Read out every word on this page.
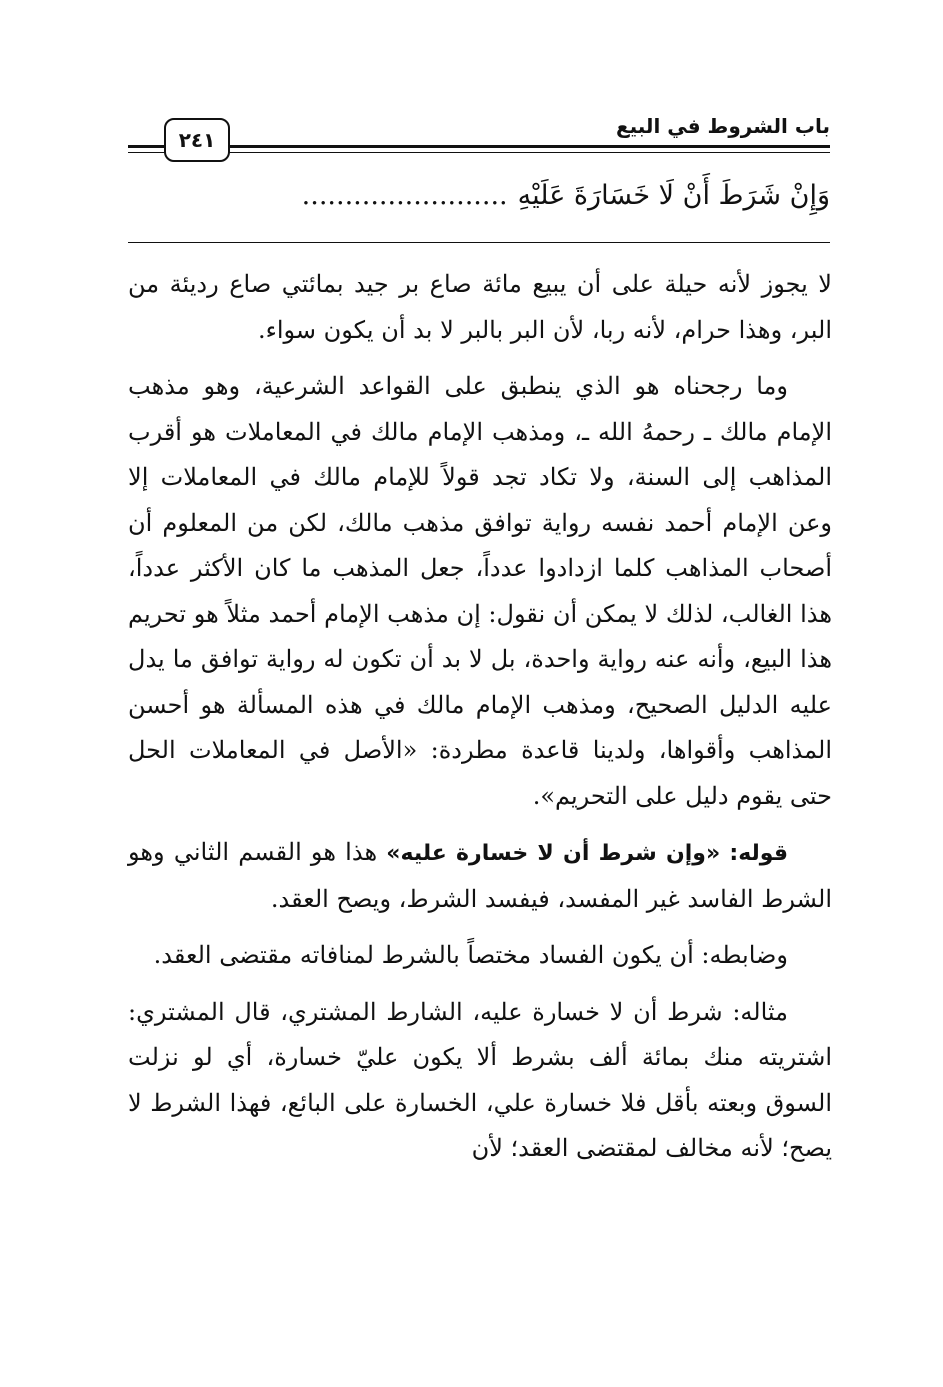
باب الشروط في البيع
٢٤١
وَإِنْ شَرَطَ أَنْ لَا خَسَارَةَ عَلَيْهِ........................

لا يجوز لأنه حيلة على أن يبيع مائة صاع بر جيد بمائتي صاع رديئة من البر، وهذا حرام، لأنه ربا، لأن البر بالبر لا بد أن يكون سواء.

وما رجحناه هو الذي ينطبق على القواعد الشرعية، وهو مذهب الإمام مالك ـ رحمهُ الله ـ، ومذهب الإمام مالك في المعاملات هو أقرب المذاهب إلى السنة، ولا تكاد تجد قولاً للإمام مالك في المعاملات إلا وعن الإمام أحمد نفسه رواية توافق مذهب مالك، لكن من المعلوم أن أصحاب المذاهب كلما ازدادوا عدداً، جعل المذهب ما كان الأكثر عدداً، هذا الغالب، لذلك لا يمكن أن نقول: إن مذهب الإمام أحمد مثلاً هو تحريم هذا البيع، وأنه عنه رواية واحدة، بل لا بد أن تكون له رواية توافق ما يدل عليه الدليل الصحيح، ومذهب الإمام مالك في هذه المسألة هو أحسن المذاهب وأقواها، ولدينا قاعدة مطردة: «الأصل في المعاملات الحل حتى يقوم دليل على التحريم».

قوله: «وإن شرط أن لا خسارة عليه» هذا هو القسم الثاني وهو الشرط الفاسد غير المفسد، فيفسد الشرط، ويصح العقد.

وضابطه: أن يكون الفساد مختصاً بالشرط لمنافاته مقتضى العقد.

مثاله: شرط أن لا خسارة عليه، الشارط المشتري، قال المشتري: اشتريته منك بمائة ألف بشرط ألا يكون عليّ خسارة، أي لو نزلت السوق وبعته بأقل فلا خسارة علي، الخسارة على البائع، فهذا الشرط لا يصح؛ لأنه مخالف لمقتضى العقد؛ لأن
